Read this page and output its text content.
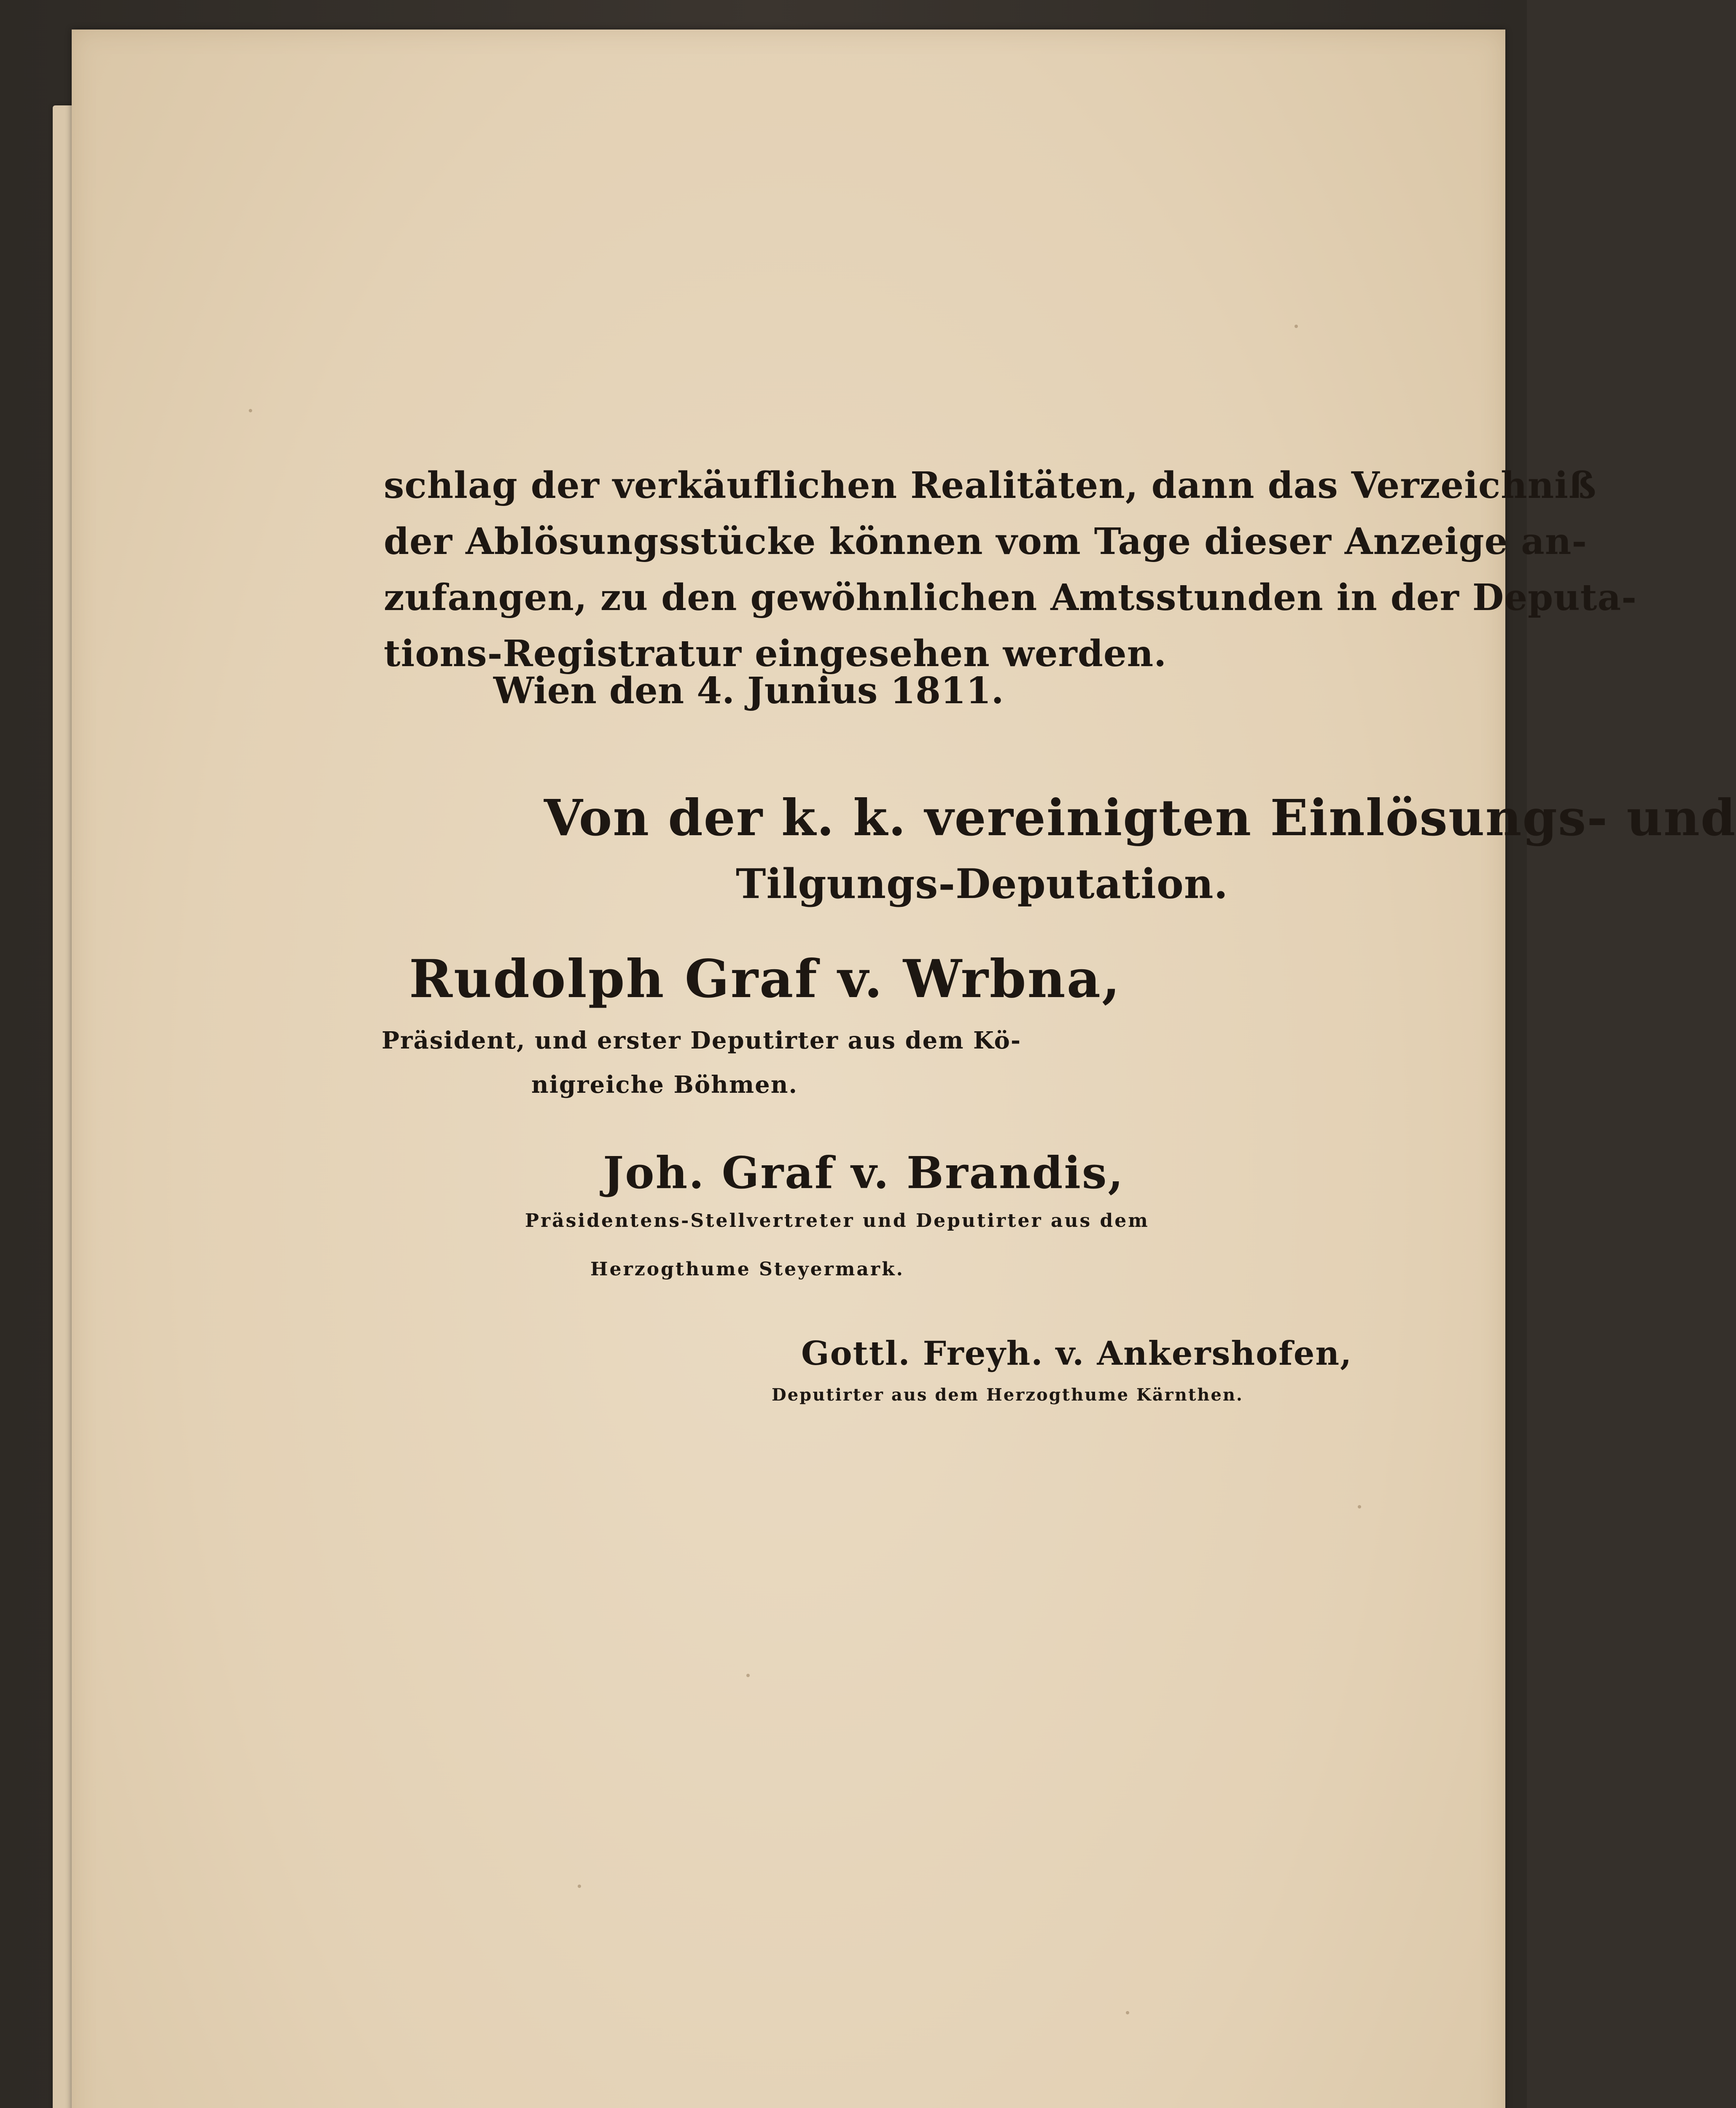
schlag der verkäuflichen Realitäten, dann das Verzeichniß
der Ablösungsstücke können vom Tage dieser Anzeige an-
zufangen, zu den gewöhnlichen Amtsstunden in der Deputa-
tions-Registratur eingesehen werden.
Wien den 4. Junius 1811.
Von der k. k. vereinigten Einlösungs- und
Tilgungs-Deputation.
Rudolph Graf v. Wrbna,
Präsident, und erster Deputirter aus dem Kö-
nigreiche Böhmen.
Joh. Graf v. Brandis,
Präsidentens-Stellvertreter und Deputirter aus dem
Herzogthume Steyermark.
Gottl. Freyh. v. Ankershofen,
Deputirter aus dem Herzogthume Kärnthen.
